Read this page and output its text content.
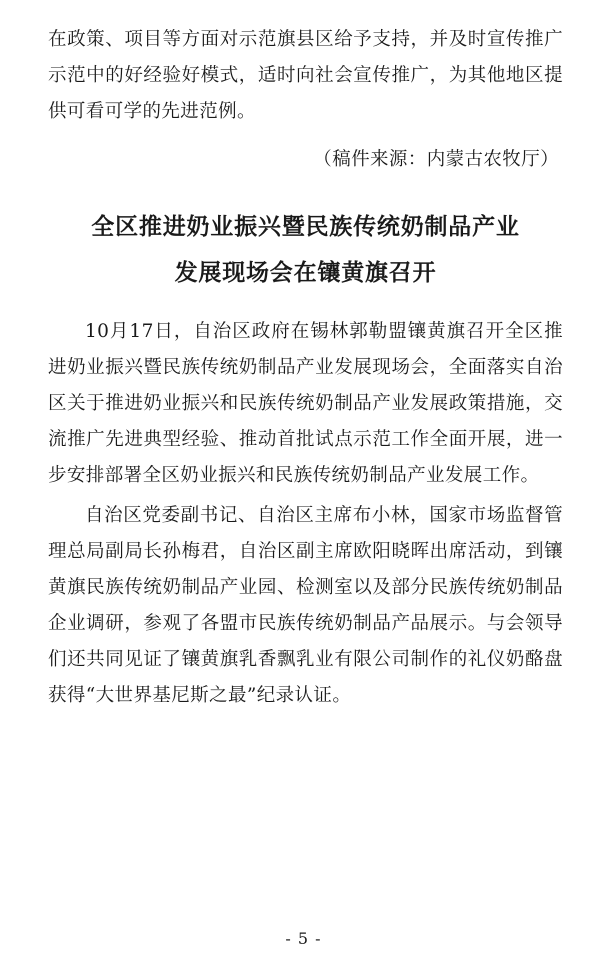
在政策、项目等方面对示范旗县区给予支持，并及时宣传推广示范中的好经验好模式，适时向社会宣传推广，为其他地区提供可看可学的先进范例。

（稿件来源：内蒙古农牧厅）

全区推进奶业振兴暨民族传统奶制品产业
发展现场会在镶黄旗召开

10月17日，自治区政府在锡林郭勒盟镶黄旗召开全区推进奶业振兴暨民族传统奶制品产业发展现场会，全面落实自治区关于推进奶业振兴和民族传统奶制品产业发展政策措施，交流推广先进典型经验、推动首批试点示范工作全面开展，进一步安排部署全区奶业振兴和民族传统奶制品产业发展工作。

自治区党委副书记、自治区主席布小林，国家市场监督管理总局副局长孙梅君，自治区副主席欧阳晓晖出席活动，到镶黄旗民族传统奶制品产业园、检测室以及部分民族传统奶制品企业调研，参观了各盟市民族传统奶制品产品展示。与会领导们还共同见证了镶黄旗乳香飘乳业有限公司制作的礼仪奶酪盘获得“大世界基尼斯之最”纪录认证。

- 5 -
